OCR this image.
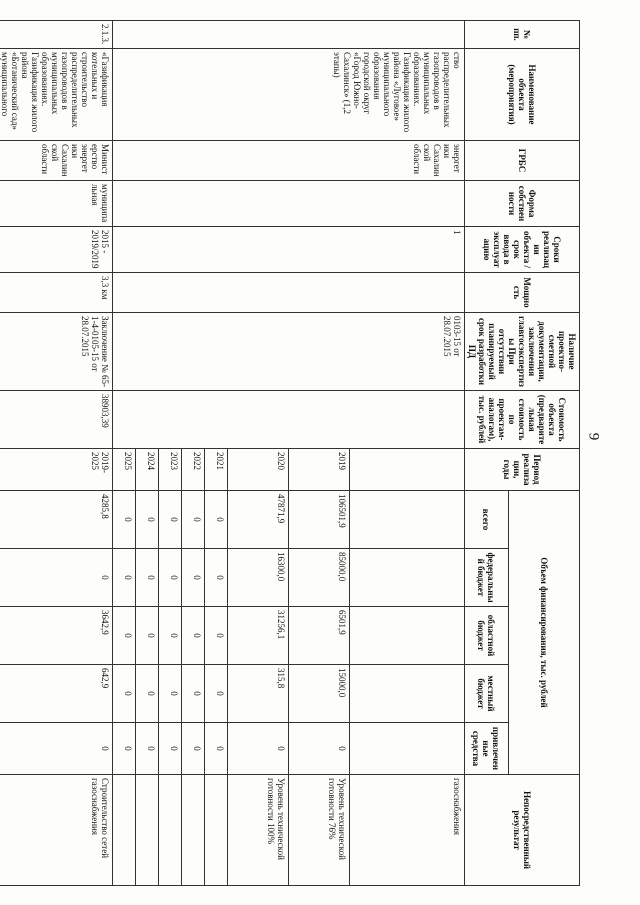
9
№ пп.	Наименование объекта (мероприятия)	ГРБС	Форма собственности	Сроки реализации объекта / срок ввода в эксплуатацию	Мощность	Наличие проектно-сметной документации, заключения главгосэкспертизы При отсутствии планируемый срок разработки ПД	Стоимость объекта (предварительная стоимость по проектам-аналогам), тыс. рублей	Период реализации, годы	Объем финансирования, тыс. рублей					Непосредственный результат
									всего	федеральный бюджет	областной бюджет	местный бюджет	привлеченные средства	
	ство распределительных газопроводов в муниципальных образованиях. Газификация жилого района «Луговое» муниципального образования городской округ «Город Южно-Сахалинск» (1,2 этапы)	энергетики Сахалинской области		1		0103-15 от 28.07.2015								газоснабжения
								2019	106501,9	85000,0	6501,9	15000,0	0	Уровень технической готовности 76%
								2020	47871,9	16300,0	31256,1	315,8	0	Уровень технической готовности 100%
								2021	0	0	0	0	0	
								2022	0	0	0	0	0	
								2023	0	0	0	0	0	
								2024	0	0	0	0	0	
								2025	0	0	0	0	0	
2.1.3.	«Газификация котельных и строительство распределительных газопроводов в муниципальных образованиях. Газификация жилого района «Ботанический сад» муниципального	Министерство энергетики Сахалинской области	муниципальная	2015 - 2019/2019	3,3 км	Заключение № 65-1-4-0105-15 от 28.07.2015	38903,39	2019-2025	4285,8	0	3642,9	642,9	0	Строительство сетей газоснабжения
